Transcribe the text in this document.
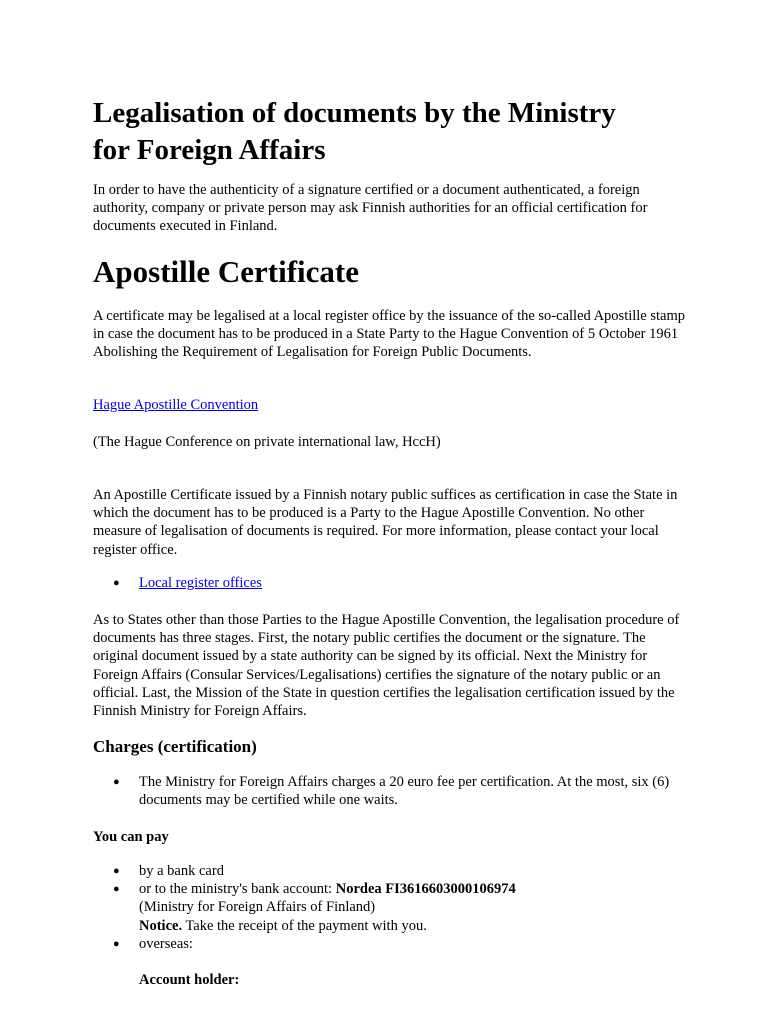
Legalisation of documents by the Ministry
for Foreign Affairs

In order to have the authenticity of a signature certified or a document authenticated, a foreign authority, company or private person may ask Finnish authorities for an official certification for documents executed in Finland.

Apostille Certificate

A certificate may be legalised at a local register office by the issuance of the so-called Apostille stamp in case the document has to be produced in a State Party to the Hague Convention of 5 October 1961 Abolishing the Requirement of Legalisation for Foreign Public Documents.

Hague Apostille Convention

(The Hague Conference on private international law, HccH)

An Apostille Certificate issued by a Finnish notary public suffices as certification in case the State in which the document has to be produced is a Party to the Hague Apostille Convention. No other measure of legalisation of documents is required. For more information, please contact your local register office.

● Local register offices

As to States other than those Parties to the Hague Apostille Convention, the legalisation procedure of documents has three stages. First, the notary public certifies the document or the signature. The original document issued by a state authority can be signed by its official. Next the Ministry for Foreign Affairs (Consular Services/Legalisations) certifies the signature of the notary public or an official. Last, the Mission of the State in question certifies the legalisation certification issued by the Finnish Ministry for Foreign Affairs.

Charges (certification)
● The Ministry for Foreign Affairs charges a 20 euro fee per certification. At the most, six (6) documents may be certified while one waits.

You can pay

● by a bank card
● or to the ministry's bank account: Nordea FI3616603000106974
(Ministry for Foreign Affairs of Finland)
Notice. Take the receipt of the payment with you.
● overseas:

Account holder:
